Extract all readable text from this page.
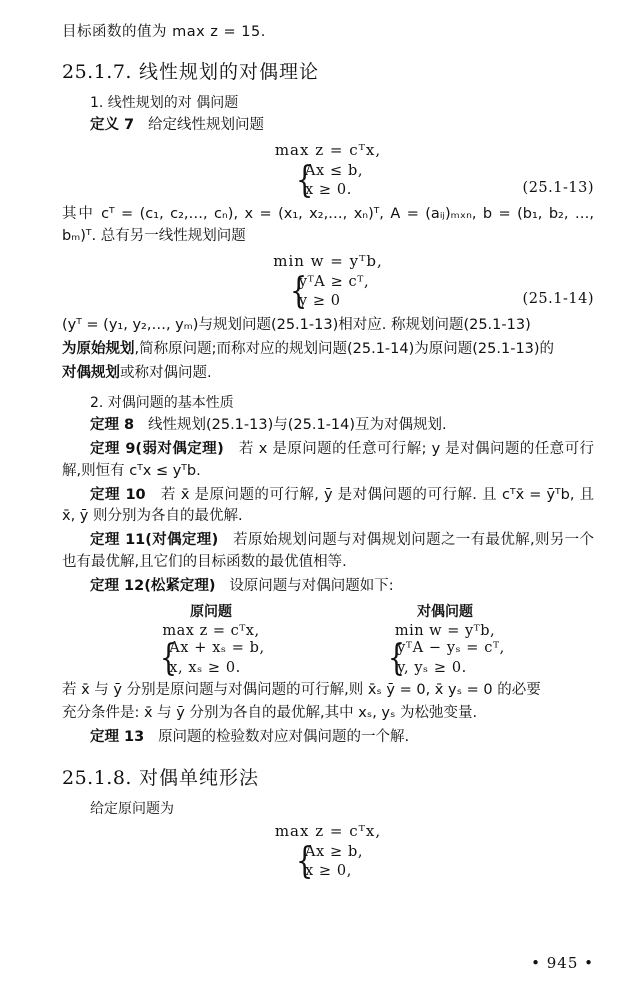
目标函数的值为 max z = 15.
25.1.7. 线性规划的对偶理论
1. 线性规划的对 偶问题
定义 7 给定线性规划问题
max z = cᵀx,
{
Ax ≤ b,
x ≥ 0.	(25.1-13)
其中 cᵀ = (c₁, c₂,…, cₙ), x = (x₁, x₂,…, xₙ)ᵀ, A = (aᵢⱼ)ₘₓₙ, b = (b₁, b₂, …, bₘ)ᵀ. 总有另一线性规划问题
min w = yᵀb,
{
yᵀA ≥ cᵀ,
y ≥ 0	(25.1-14)
(yᵀ = (y₁, y₂,…, yₘ)与规划问题(25.1-13)相对应. 称规划问题(25.1-13)
为原始规划,简称原问题;而称对应的规划问题(25.1-14)为原问题(25.1-13)的
对偶规划或称对偶问题.
2. 对偶问题的基本性质
定理 8 线性规划(25.1-13)与(25.1-14)互为对偶规划.
定理 9(弱对偶定理) 若 x 是原问题的任意可行解; y 是对偶问题的任意可行解,则恒有 cᵀx ≤ yᵀb.
定理 10 若 x̄ 是原问题的可行解, ȳ 是对偶问题的可行解. 且 cᵀx̄ = ȳᵀb, 且 x̄, ȳ 则分别为各自的最优解.
定理 11(对偶定理) 若原始规划问题与对偶规划问题之一有最优解,则另一个也有最优解,且它们的目标函数的最优值相等.
定理 12(松紧定理) 设原问题与对偶问题如下:
原问题
max z = cᵀx,
{
Ax + xₛ = b,
x, xₛ ≥ 0.
对偶问题
min w = yᵀb,
{
yᵀA − yₛ = cᵀ,
y, yₛ ≥ 0.
若 x̄ 与 ȳ 分别是原问题与对偶问题的可行解,则 x̄ₛ ȳ = 0, x̄ yₛ = 0 的必要
充分条件是: x̄ 与 ȳ 分别为各自的最优解,其中 xₛ, yₛ 为松弛变量.
定理 13 原问题的检验数对应对偶问题的一个解.
25.1.8. 对偶单纯形法
给定原问题为
max z = cᵀx,
{
Ax ≥ b,
x ≥ 0,
• 945 •
